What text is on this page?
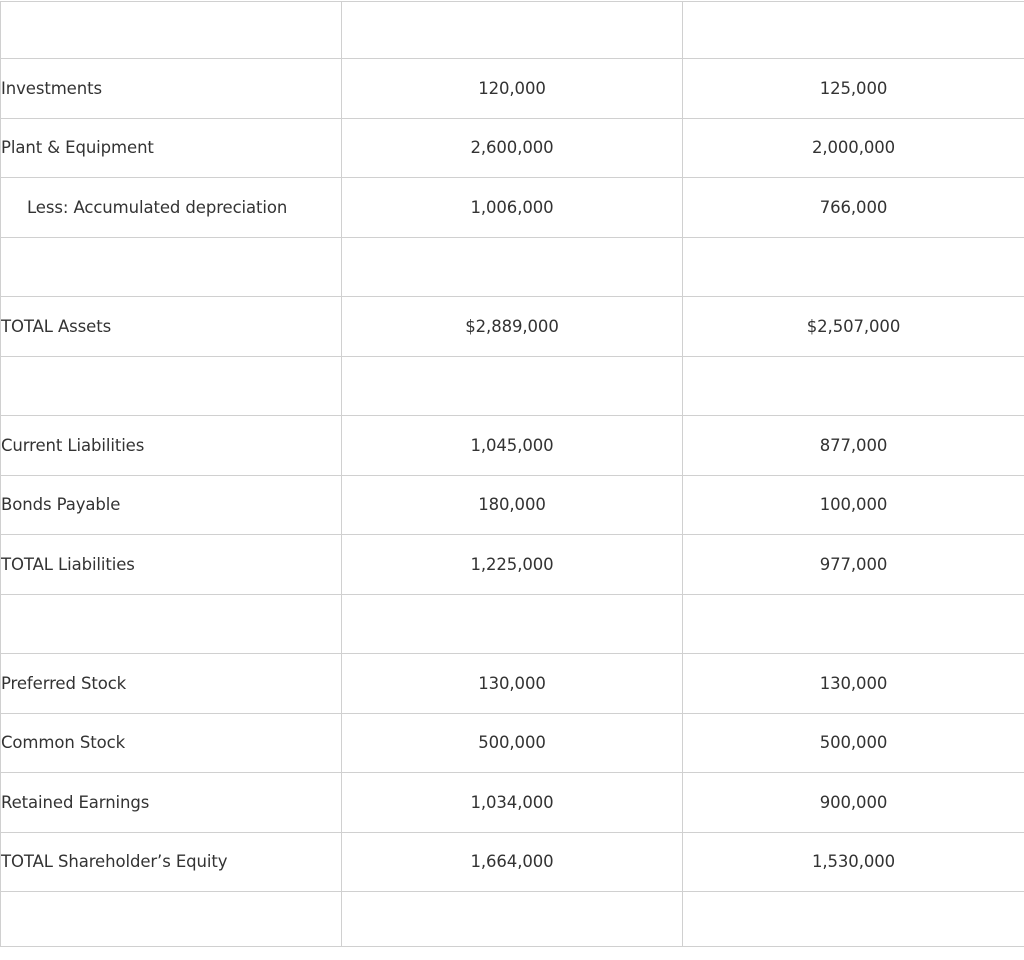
Investments	120,000	125,000
Plant & Equipment	2,600,000	2,000,000
Less: Accumulated depreciation	1,006,000	766,000

TOTAL Assets	$2,889,000	$2,507,000

Current Liabilities	1,045,000	877,000
Bonds Payable	180,000	100,000
TOTAL Liabilities	1,225,000	977,000

Preferred Stock	130,000	130,000
Common Stock	500,000	500,000
Retained Earnings	1,034,000	900,000
TOTAL Shareholder’s Equity	1,664,000	1,530,000
